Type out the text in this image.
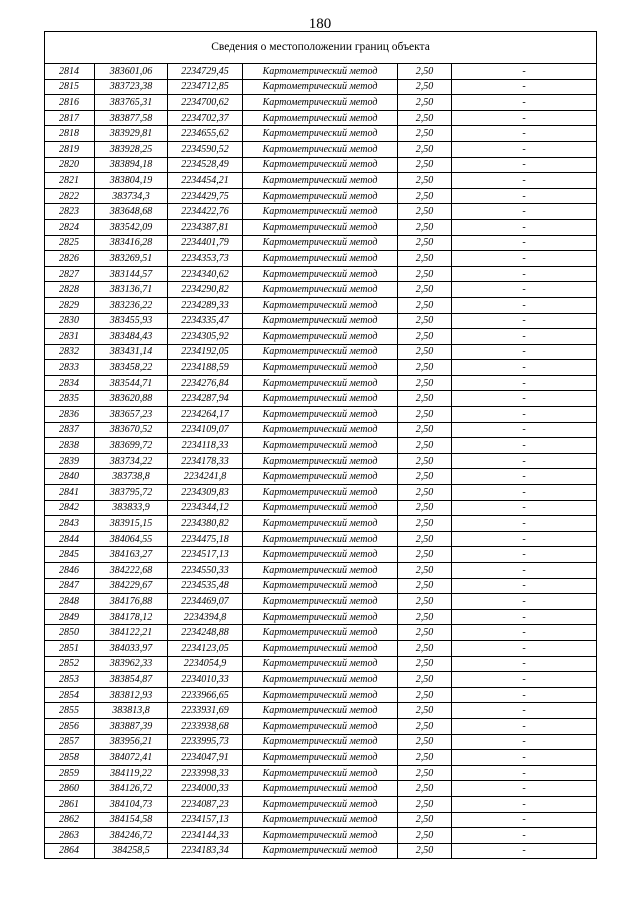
180
Сведения о местоположении границ объекта					
2814	383601,06	2234729,45	Картометрический метод	2,50	-
2815	383723,38	2234712,85	Картометрический метод	2,50	-
2816	383765,31	2234700,62	Картометрический метод	2,50	-
2817	383877,58	2234702,37	Картометрический метод	2,50	-
2818	383929,81	2234655,62	Картометрический метод	2,50	-
2819	383928,25	2234590,52	Картометрический метод	2,50	-
2820	383894,18	2234528,49	Картометрический метод	2,50	-
2821	383804,19	2234454,21	Картометрический метод	2,50	-
2822	383734,3	2234429,75	Картометрический метод	2,50	-
2823	383648,68	2234422,76	Картометрический метод	2,50	-
2824	383542,09	2234387,81	Картометрический метод	2,50	-
2825	383416,28	2234401,79	Картометрический метод	2,50	-
2826	383269,51	2234353,73	Картометрический метод	2,50	-
2827	383144,57	2234340,62	Картометрический метод	2,50	-
2828	383136,71	2234290,82	Картометрический метод	2,50	-
2829	383236,22	2234289,33	Картометрический метод	2,50	-
2830	383455,93	2234335,47	Картометрический метод	2,50	-
2831	383484,43	2234305,92	Картометрический метод	2,50	-
2832	383431,14	2234192,05	Картометрический метод	2,50	-
2833	383458,22	2234188,59	Картометрический метод	2,50	-
2834	383544,71	2234276,84	Картометрический метод	2,50	-
2835	383620,88	2234287,94	Картометрический метод	2,50	-
2836	383657,23	2234264,17	Картометрический метод	2,50	-
2837	383670,52	2234109,07	Картометрический метод	2,50	-
2838	383699,72	2234118,33	Картометрический метод	2,50	-
2839	383734,22	2234178,33	Картометрический метод	2,50	-
2840	383738,8	2234241,8	Картометрический метод	2,50	-
2841	383795,72	2234309,83	Картометрический метод	2,50	-
2842	383833,9	2234344,12	Картометрический метод	2,50	-
2843	383915,15	2234380,82	Картометрический метод	2,50	-
2844	384064,55	2234475,18	Картометрический метод	2,50	-
2845	384163,27	2234517,13	Картометрический метод	2,50	-
2846	384222,68	2234550,33	Картометрический метод	2,50	-
2847	384229,67	2234535,48	Картометрический метод	2,50	-
2848	384176,88	2234469,07	Картометрический метод	2,50	-
2849	384178,12	2234394,8	Картометрический метод	2,50	-
2850	384122,21	2234248,88	Картометрический метод	2,50	-
2851	384033,97	2234123,05	Картометрический метод	2,50	-
2852	383962,33	2234054,9	Картометрический метод	2,50	-
2853	383854,87	2234010,33	Картометрический метод	2,50	-
2854	383812,93	2233966,65	Картометрический метод	2,50	-
2855	383813,8	2233931,69	Картометрический метод	2,50	-
2856	383887,39	2233938,68	Картометрический метод	2,50	-
2857	383956,21	2233995,73	Картометрический метод	2,50	-
2858	384072,41	2234047,91	Картометрический метод	2,50	-
2859	384119,22	2233998,33	Картометрический метод	2,50	-
2860	384126,72	2234000,33	Картометрический метод	2,50	-
2861	384104,73	2234087,23	Картометрический метод	2,50	-
2862	384154,58	2234157,13	Картометрический метод	2,50	-
2863	384246,72	2234144,33	Картометрический метод	2,50	-
2864	384258,5	2234183,34	Картометрический метод	2,50	-
